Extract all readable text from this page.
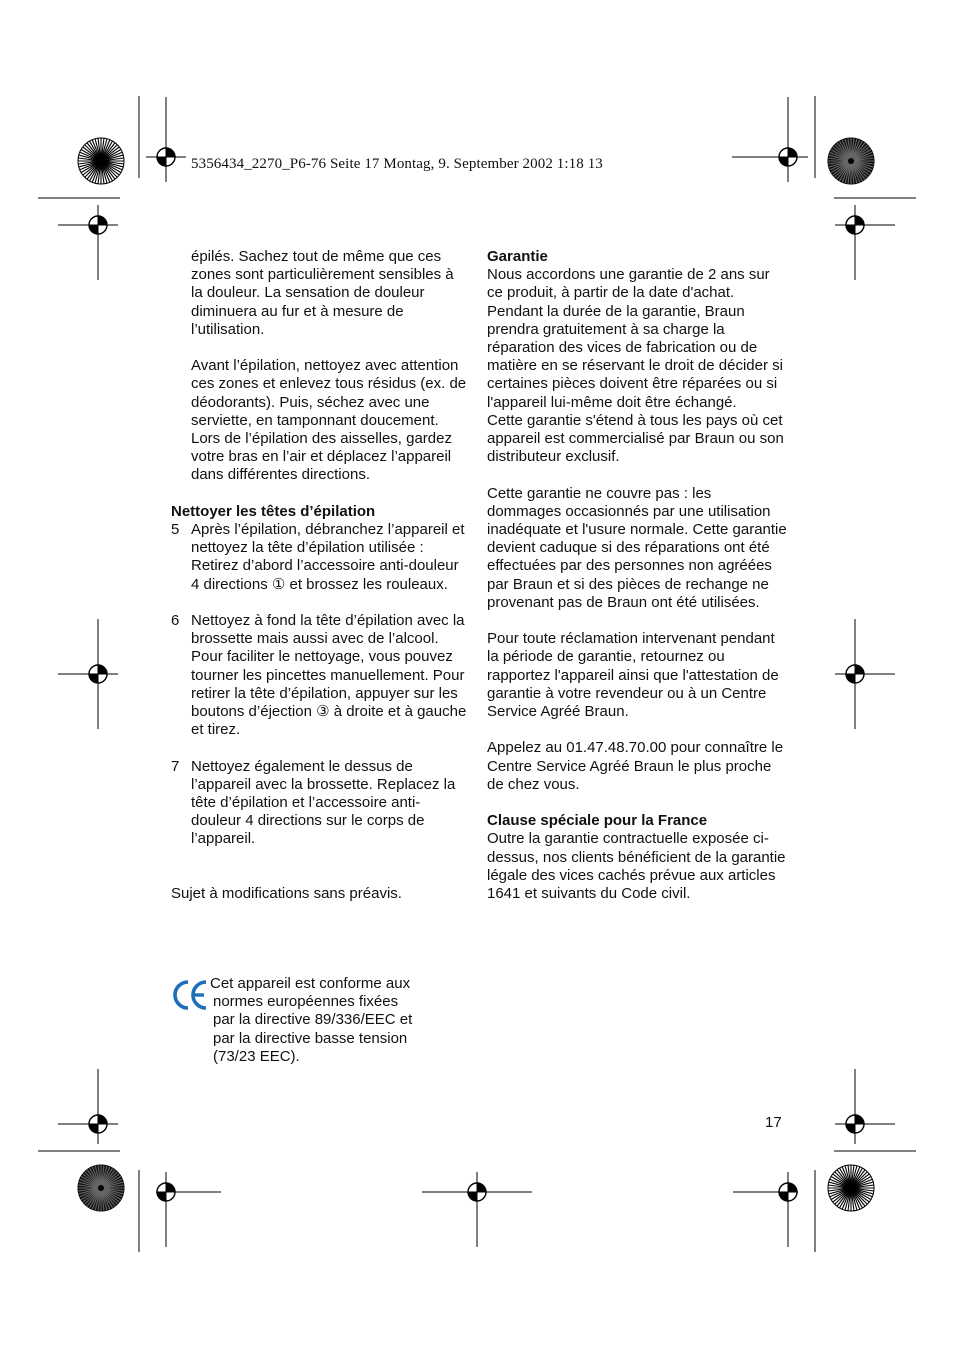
5356434_2270_P6-76 Seite 17 Montag, 9. September 2002 1:18 13

épilés. Sachez tout de même que ces zones sont particulièrement sensibles à la douleur. La sensation de douleur diminuera au fur et à mesure de l’utilisation.

Avant l’épilation, nettoyez avec attention ces zones et enlevez tous résidus (ex. de déodorants). Puis, séchez avec une serviette, en tamponnant doucement. Lors de l’épilation des aisselles, gardez votre bras en l’air et déplacez l’appareil dans différentes directions.

Nettoyer les têtes d’épilation

5 Après l’épilation, débranchez l’appareil et nettoyez la tête d’épilation utilisée : Retirez d’abord l’accessoire anti-douleur 4 directions ① et brossez les rouleaux.
6 Nettoyez à fond la tête d’épilation avec la brossette mais aussi avec de l’alcool. Pour faciliter le nettoyage, vous pouvez tourner les pincettes manuellement. Pour retirer la tête d’épilation, appuyer sur les boutons d’éjection ③ à droite et à gauche et tirez.
7 Nettoyez également le dessus de l’appareil avec la brossette. Replacez la tête d’épilation et l’accessoire anti-douleur 4 directions sur le corps de l’appareil.

Sujet à modifications sans préavis.

Cet appareil est conforme aux
normes européennes fixées
par la directive 89/336/EEC et
par la directive basse tension
(73/23 EEC).

Garantie

Nous accordons une garantie de 2 ans sur ce produit, à partir de la date d'achat. Pendant la durée de la garantie, Braun prendra gratuitement à sa charge la réparation des vices de fabrication ou de matière en se réservant le droit de décider si certaines pièces doivent être réparées ou si l'appareil lui-même doit être échangé.

Cette garantie s'étend à tous les pays où cet appareil est commercialisé par Braun ou son distributeur exclusif.

Cette garantie ne couvre pas : les dommages occasionnés par une utilisation inadéquate et l'usure normale. Cette garantie devient caduque si des réparations ont été effectuées par des personnes non agréées par Braun et si des pièces de rechange ne provenant pas de Braun ont été utilisées.

Pour toute réclamation intervenant pendant la période de garantie, retournez ou rapportez l'appareil ainsi que l'attestation de garantie à votre revendeur ou à un Centre Service Agréé Braun.

Appelez au 01.47.48.70.00 pour connaître le Centre Service Agréé Braun le plus proche de chez vous.

Clause spéciale pour la France

Outre la garantie contractuelle exposée ci-dessus, nos clients bénéficient de la garantie légale des vices cachés prévue aux articles 1641 et suivants du Code civil.

17
